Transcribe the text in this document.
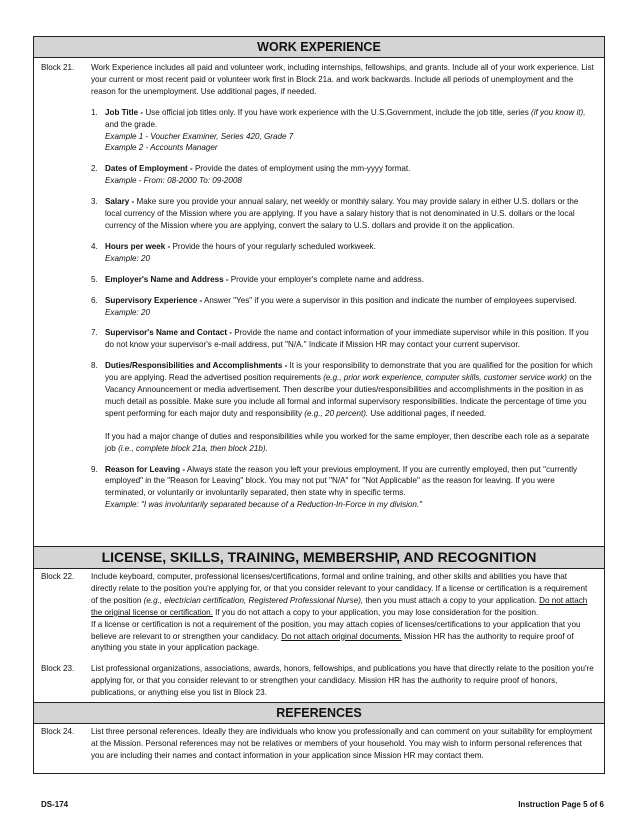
WORK EXPERIENCE
Block 21.	Work Experience includes all paid and volunteer work, including internships, fellowships, and grants. Include all of your work experience. List your current or most recent paid or volunteer work first in Block 21a. and work backwards. Include all periods of unemployment and the reason for the unemployment. Use additional pages, if needed.
1. Job Title - Use official job titles only. If you have work experience with the U.S.Government, include the job title, series (if you know it), and the grade.
Example 1 - Voucher Examiner, Series 420, Grade 7
Example 2 - Accounts Manager
2. Dates of Employment - Provide the dates of employment using the mm-yyyy format.
Example - From: 08-2000 To: 09-2008
3. Salary - Make sure you provide your annual salary, net weekly or monthly salary. You may provide salary in either U.S. dollars or the local currency of the Mission where you are applying. If you have a salary history that is not denominated in U.S. dollars or the local currency of the Mission where you are applying, convert the salary to U.S. dollars and provide it on the application.
4. Hours per week - Provide the hours of your regularly scheduled workweek.
Example: 20
5. Employer's Name and Address - Provide your employer's complete name and address.
6. Supervisory Experience - Answer "Yes" if you were a supervisor in this position and indicate the number of employees supervised.
Example: 20
7. Supervisor's Name and Contact - Provide the name and contact information of your immediate supervisor while in this position. If you do not know your supervisor's e-mail address, put "N/A." Indicate if Mission HR may contact your current supervisor.
8. Duties/Responsibilities and Accomplishments - It is your responsibility to demonstrate that you are qualified for the position for which you are applying. Read the advertised position requirements (e.g., prior work experience, computer skills, customer service work) on the Vacancy Announcement or media advertisement. Then describe your duties/responsibilities and accomplishments in the position in as much detail as possible. Make sure you include all formal and informal supervisory responsibilities. Indicate the percentage of time you spent performing for each major duty and responsibility (e.g., 20 percent). Use additional pages, if needed.
If you had a major change of duties and responsibilities while you worked for the same employer, then describe each role as a separate job (i.e., complete block 21a, then block 21b).
9. Reason for Leaving - Always state the reason you left your previous employment. If you are currently employed, then put "currently employed" in the "Reason for Leaving" block. You may not put "N/A" for "Not Applicable" as the reason for leaving. If you were terminated, or voluntarily or involuntarily separated, then state why in specific terms.
Example: "I was involuntarily separated because of a Reduction-In-Force in my division."
LICENSE, SKILLS, TRAINING, MEMBERSHIP, AND RECOGNITION
Block 22.	Include keyboard, computer, professional licenses/certifications, formal and online training, and other skills and abilities you have that directly relate to the position you're applying for, or that you consider relevant to your candidacy. If a license or certification is a requirement of the position (e.g., electrician certification, Registered Professional Nurse), then you must attach a copy to your application. Do not attach the original license or certification. If you do not attach a copy to your application, you may lose consideration for the position.
If a license or certification is not a requirement of the position, you may attach copies of licenses/certifications to your application that you believe are relevant to or strengthen your candidacy. Do not attach original documents. Mission HR has the authority to require proof of anything you state in your application package.
Block 23.	List professional organizations, associations, awards, honors, fellowships, and publications you have that directly relate to the position you're applying for, or that you consider relevant to or strengthen your candidacy. Mission HR has the authority to require proof of honors, publications, or anything else you list in Block 23.
REFERENCES
Block 24.	List three personal references. Ideally they are individuals who know you professionally and can comment on your suitability for employment at the Mission. Personal references may not be relatives or members of your household. You may wish to inform personal references that you are including their names and contact information in your application since Mission HR may contact them.
DS-174	Instruction Page 5 of 6
